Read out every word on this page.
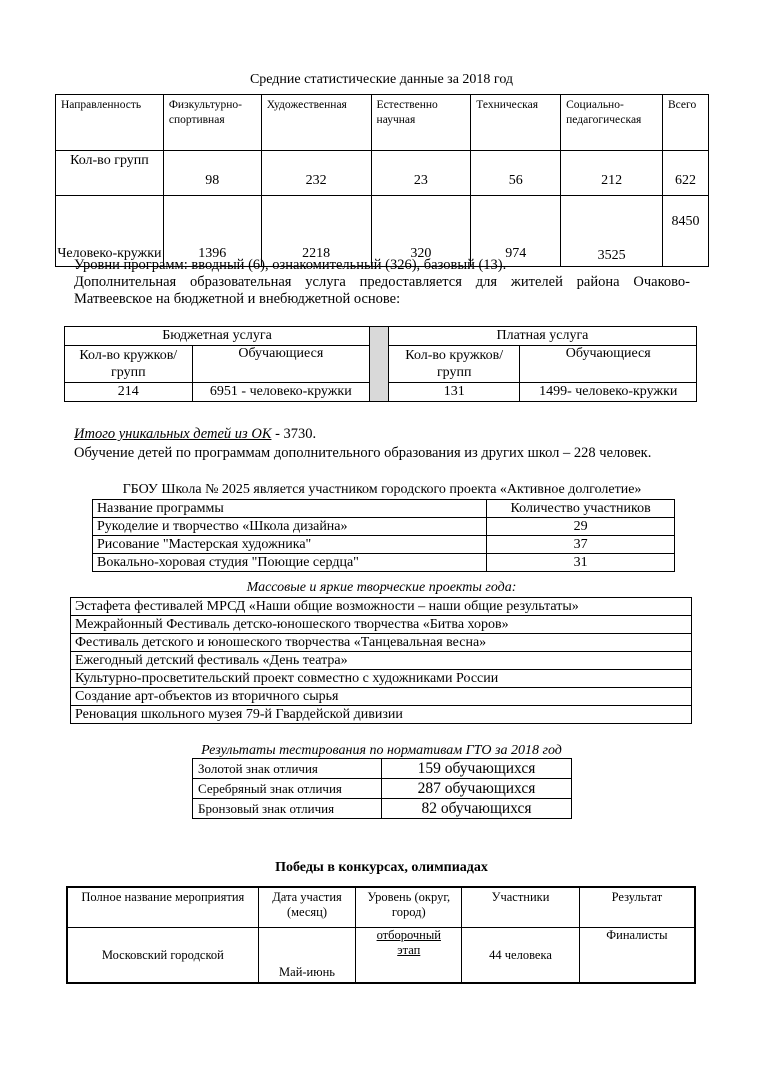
Средние статистические данные за 2018 год
Направленность	Физкультурно-спортивная	Художественная	Естественно научная	Техническая	Социально-педагогическая	Всего
Кол-во групп	98	232	23	56	212	622
Человеко-кружки	1396	2218	320	974	3525	8450
Уровни программ: вводный (6), ознакомительный (326), базовый (13).
Дополнительная образовательная услуга предоставляется для жителей района Очаково-Матвеевское на бюджетной и внебюджетной основе:
Бюджетная услуга			Платная услуга	
Кол-во кружков/групп	Обучающиеся		Кол-во кружков/групп	Обучающиеся
214	6951 - человеко-кружки		131	1499- человеко-кружки
Итого уникальных детей из ОК - 3730.
Обучение детей по программам дополнительного образования из других школ – 228 человек.
ГБОУ Школа № 2025 является участником городского проекта «Активное долголетие»
Название программы	Количество участников
Рукоделие и творчество «Школа дизайна»	29
Рисование "Мастерская художника"	37
Вокально-хоровая студия "Поющие сердца"	31
Массовые и яркие творческие проекты года:
Эстафета фестивалей МРСД «Наши общие возможности – наши общие результаты»
Межрайонный Фестиваль детско-юношеского творчества «Битва хоров»
Фестиваль детского и юношеского творчества «Танцевальная весна»
Ежегодный детский фестиваль «День театра»
Культурно-просветительский проект совместно с художниками России
Создание арт-объектов из вторичного сырья
Реновация школьного музея 79-й Гвардейской дивизии
Результаты тестирования по нормативам ГТО за 2018 год
Золотой знак отличия	159 обучающихся
Серебряный знак отличия	287 обучающихся
Бронзовый знак отличия	82 обучающихся
Победы в конкурсах, олимпиадах
Полное название мероприятия	Дата участия (месяц)	Уровень (округ, город)	Участники	Результат
Московский городской	Май-июнь	отборочный этап	44 человека	Финалисты
